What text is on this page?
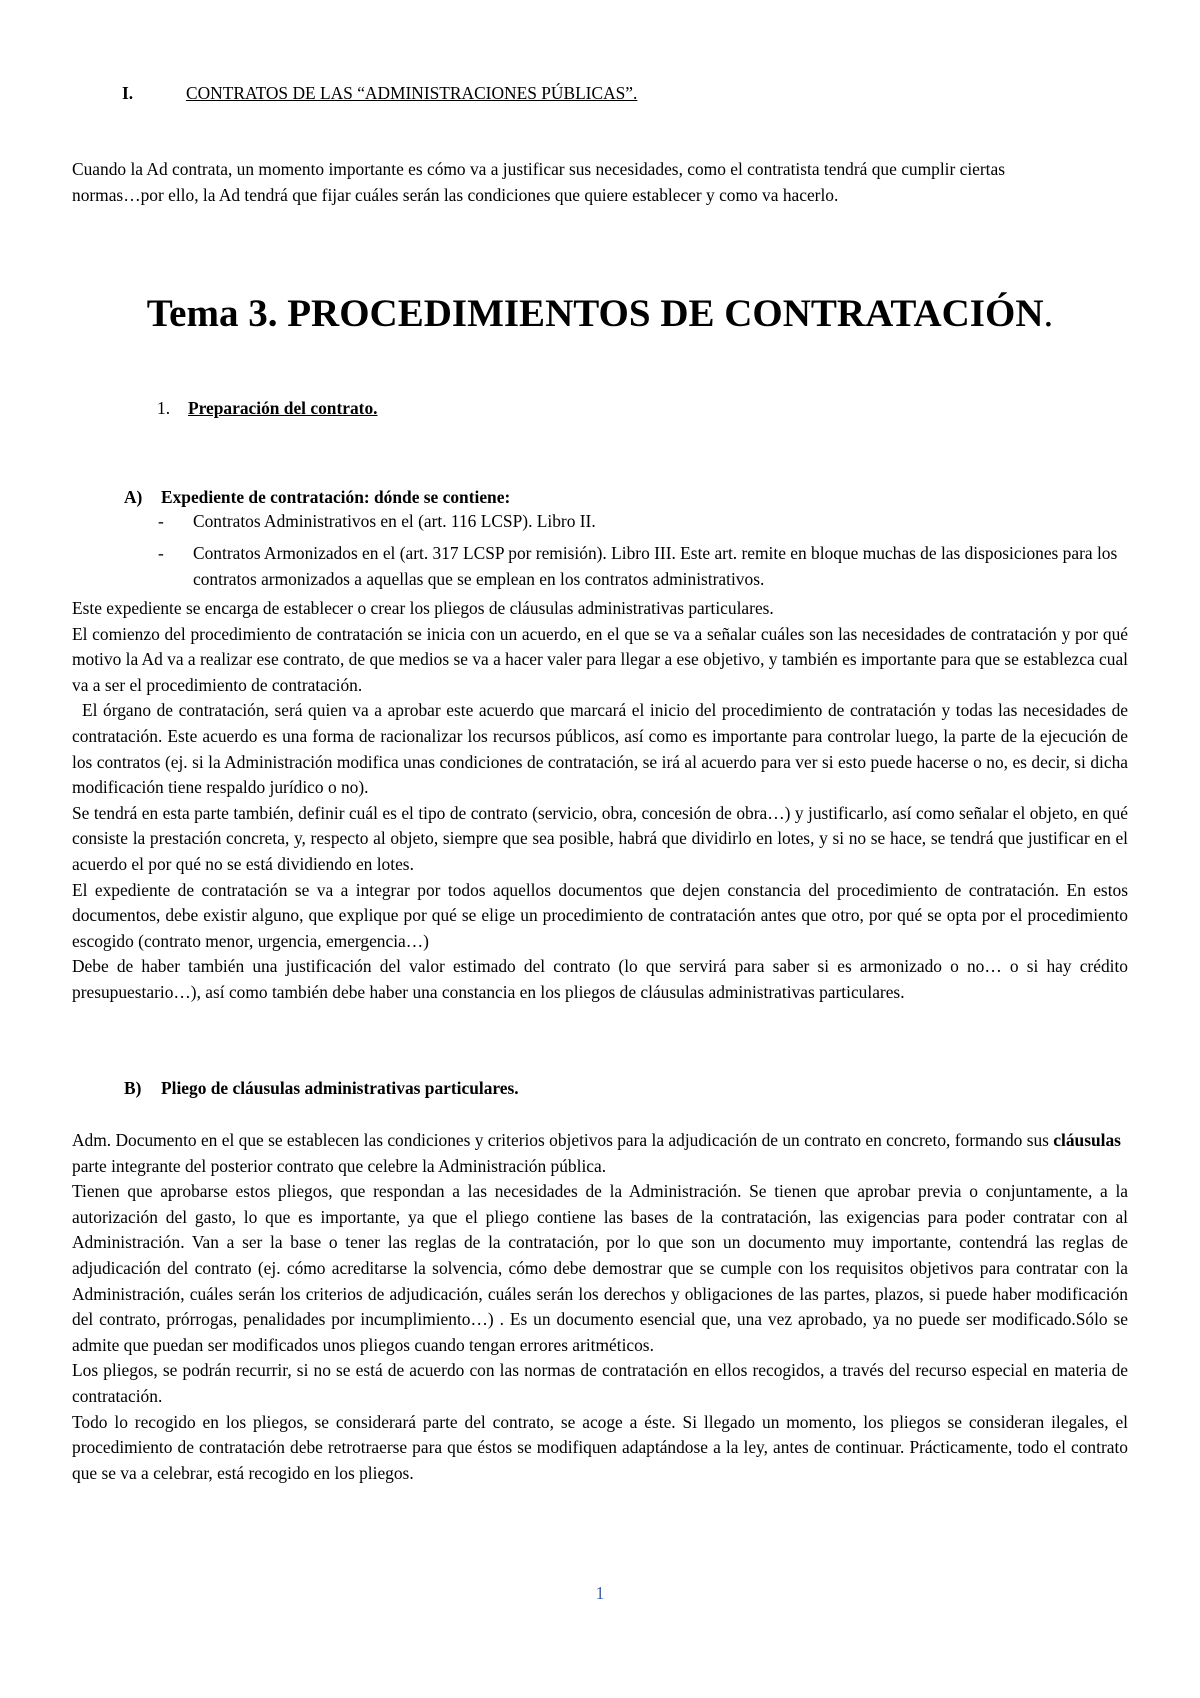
I.	CONTRATOS DE LAS “ADMINISTRACIONES PÚBLICAS”.

Cuando la Ad contrata, un momento importante es cómo va a justificar sus necesidades, como el contratista tendrá que cumplir ciertas normas…por ello, la Ad tendrá que fijar cuáles serán las condiciones que quiere establecer y como va hacerlo.

Tema 3. PROCEDIMIENTOS DE CONTRATACIÓN.
1. Preparación del contrato.
A) Expediente de contratación: dónde se contiene:
- Contratos Administrativos en el (art. 116 LCSP). Libro II.

- Contratos Armonizados en el (art. 317 LCSP por remisión). Libro III. Este art. remite en bloque muchas de las disposiciones para los contratos armonizados a aquellas que se emplean en los contratos administrativos.

Este expediente se encarga de establecer o crear los pliegos de cláusulas administrativas particulares.

El comienzo del procedimiento de contratación se inicia con un acuerdo, en el que se va a señalar cuáles son las necesidades de contratación y por qué motivo la Ad va a realizar ese contrato, de que medios se va a hacer valer para llegar a ese objetivo, y también es importante para que se establezca cual va a ser el procedimiento de contratación.

El órgano de contratación, será quien va a aprobar este acuerdo que marcará el inicio del procedimiento de contratación y todas las necesidades de contratación. Este acuerdo es una forma de racionalizar los recursos públicos, así como es importante para controlar luego, la parte de la ejecución de los contratos (ej. si la Administración modifica unas condiciones de contratación, se irá al acuerdo para ver si esto puede hacerse o no, es decir, si dicha modificación tiene respaldo jurídico o no).

Se tendrá en esta parte también, definir cuál es el tipo de contrato (servicio, obra, concesión de obra…) y justificarlo, así como señalar el objeto, en qué consiste la prestación concreta, y, respecto al objeto, siempre que sea posible, habrá que dividirlo en lotes, y si no se hace, se tendrá que justificar en el acuerdo el por qué no se está dividiendo en lotes.

El expediente de contratación se va a integrar por todos aquellos documentos que dejen constancia del procedimiento de contratación. En estos documentos, debe existir alguno, que explique por qué se elige un procedimiento de contratación antes que otro, por qué se opta por el procedimiento escogido (contrato menor, urgencia, emergencia…)

Debe de haber también una justificación del valor estimado del contrato (lo que servirá para saber si es armonizado o no… o si hay crédito presupuestario…), así como también debe haber una constancia en los pliegos de cláusulas administrativas particulares.

B) Pliego de cláusulas administrativas particulares.

Adm. Documento en el que se establecen las condiciones y criterios objetivos para la adjudicación de un contrato en concreto, formando sus cláusulas parte integrante del posterior contrato que celebre la Administración pública.

Tienen que aprobarse estos pliegos, que respondan a las necesidades de la Administración. Se tienen que aprobar previa o conjuntamente, a la autorización del gasto, lo que es importante, ya que el pliego contiene las bases de la contratación, las exigencias para poder contratar con al Administración. Van a ser la base o tener las reglas de la contratación, por lo que son un documento muy importante, contendrá las reglas de adjudicación del contrato (ej. cómo acreditarse la solvencia, cómo debe demostrar que se cumple con los requisitos objetivos para contratar con la Administración, cuáles serán los criterios de adjudicación, cuáles serán los derechos y obligaciones de las partes, plazos, si puede haber modificación del contrato, prórrogas, penalidades por incumplimiento…) . Es un documento esencial que, una vez aprobado, ya no puede ser modificado.Sólo se admite que puedan ser modificados unos pliegos cuando tengan errores aritméticos.

Los pliegos, se podrán recurrir, si no se está de acuerdo con las normas de contratación en ellos recogidos, a través del recurso especial en materia de contratación.

Todo lo recogido en los pliegos, se considerará parte del contrato, se acoge a éste. Si llegado un momento, los pliegos se consideran ilegales, el procedimiento de contratación debe retrotraerse para que éstos se modifiquen adaptándose a la ley, antes de continuar. Prácticamente, todo el contrato que se va a celebrar, está recogido en los pliegos.

1
